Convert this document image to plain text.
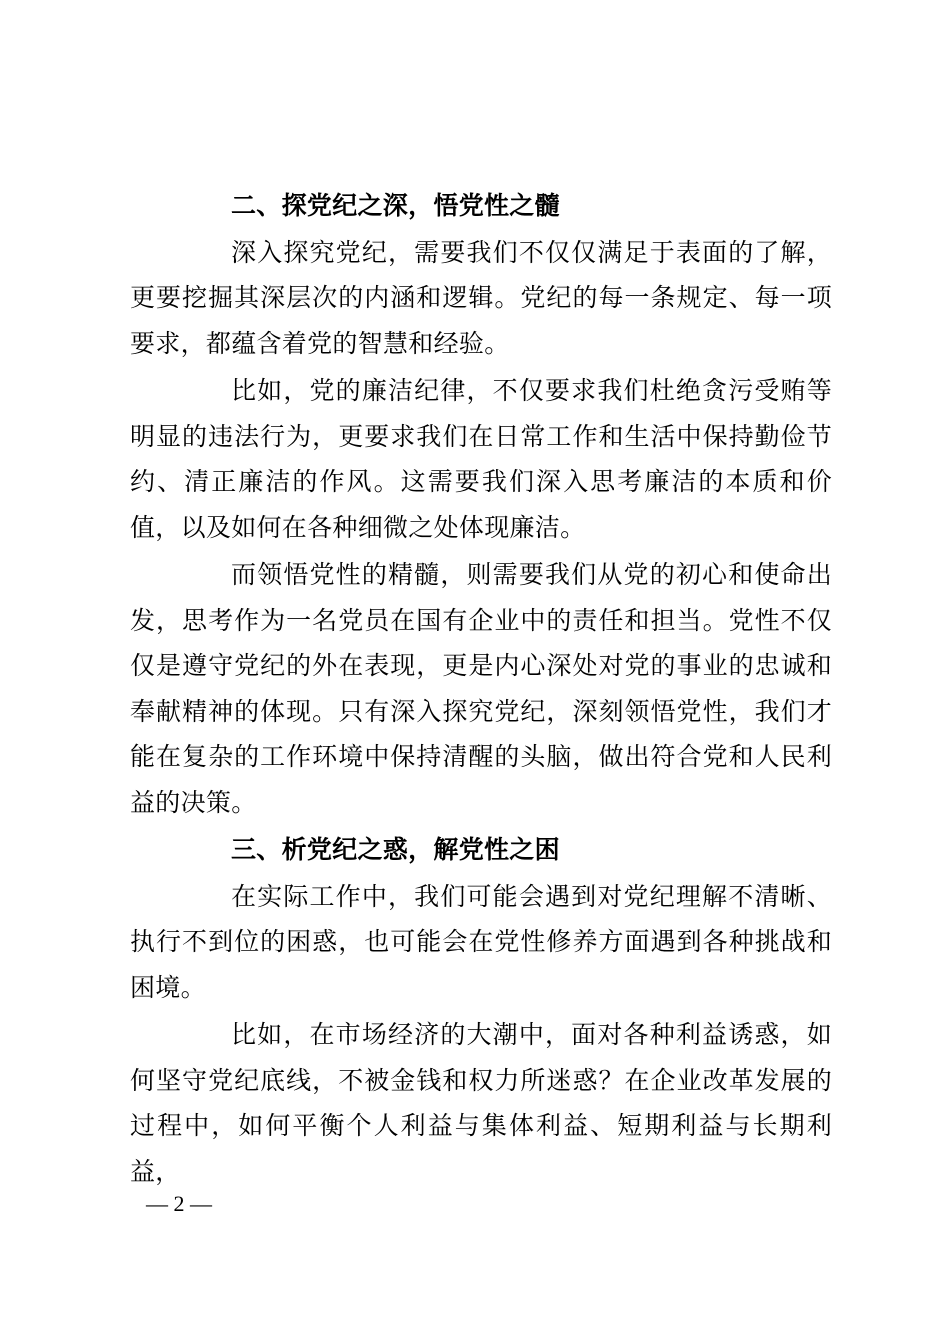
二、探党纪之深，悟党性之髓

深入探究党纪，需要我们不仅仅满足于表面的了解，更要挖掘其深层次的内涵和逻辑。党纪的每一条规定、每一项要求，都蕴含着党的智慧和经验。

比如，党的廉洁纪律，不仅要求我们杜绝贪污受贿等明显的违法行为，更要求我们在日常工作和生活中保持勤俭节约、清正廉洁的作风。这需要我们深入思考廉洁的本质和价值，以及如何在各种细微之处体现廉洁。

而领悟党性的精髓，则需要我们从党的初心和使命出发，思考作为一名党员在国有企业中的责任和担当。党性不仅仅是遵守党纪的外在表现，更是内心深处对党的事业的忠诚和奉献精神的体现。只有深入探究党纪，深刻领悟党性，我们才能在复杂的工作环境中保持清醒的头脑，做出符合党和人民利益的决策。

三、析党纪之惑，解党性之困

在实际工作中，我们可能会遇到对党纪理解不清晰、执行不到位的困惑，也可能会在党性修养方面遇到各种挑战和困境。

比如，在市场经济的大潮中，面对各种利益诱惑，如何坚守党纪底线，不被金钱和权力所迷惑？在企业改革发展的过程中，如何平衡个人利益与集体利益、短期利益与长期利益，

— 2 —
